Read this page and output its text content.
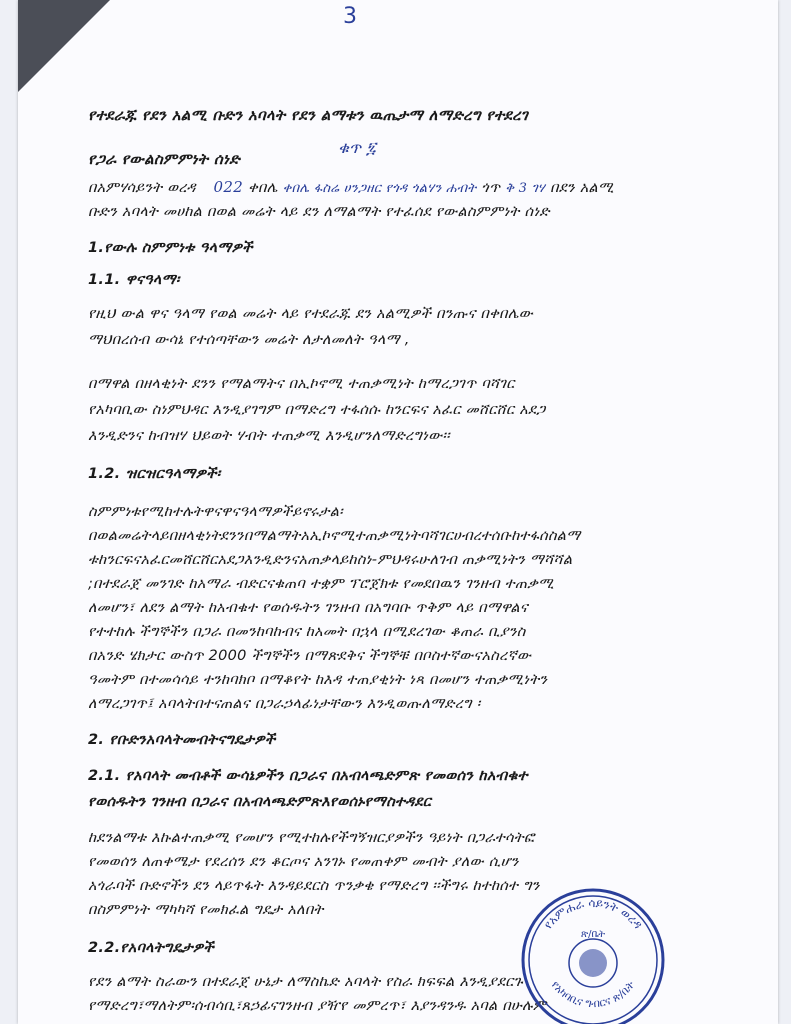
3
የተደራጁ የደን አልሚ ቡድን አባላት የደን ልማቱን ዉጤታማ ለማድረግ የተደረገ
የጋራ የውልስምምነት ሰነድ
ቁጥ ፯
በአምሃሳይንት ወረዳ 022 ቀበሌ ቀበሌ ፋስሬ ሀንጋዘር የጎዳ ጎልሃን ሐብት ጎጥ ቅ 3 ገሃ በደን አልሚ
ቡድን አባላት መሀከል በወል መሬት ላይ ደን ለማልማት የተፈሰደ የውልስምምነት ሰነድ
1.የውሉ ስምምነቱ ዓላማዎች
1.1. ዋናዓላማ፡
የዚህ ውል ዋና ዓላማ የወል መሬት ላይ የተደራጁ ደን አልሚዎች በንጡና በቀበሌው
ማህበረሰብ ውሳኔ የተሰጣቸውን መሬት ለታለመለት ዓላማ ,
በማዋል በዘላቂነት ደንን የማልማትና በኢኮኖሚ ተጠቃሚነት ከማረጋገጥ ባሻገር
የአካባቢው ስነምህዳር እንዲያገግም በማድረግ ተፋሰሱ ከንርፍና አፈር መሸርሸር አደጋ
እንዲድንና ከብዝሃ ህይወት ሃብት ተጠቃሚ እንዲሆንለማድረግነው፡፡
1.2. ዝርዝርዓላማዎች፡
ስምምነቱየሚከተሉትዋናዋናዓላማዎችይኖሩታል፡
በወልመሬትላይበዘላቂነትደንንበማልማትአኢኮኖሚተጠቃሚነትባሻገርሀብረተሰቡከተፋሰስልማ
ቱከንርፍናአፈርመሸርሸርአደጋእንዲድንናአጠቃላይከስነ-ምህዳሩሁለገብ ጠቃሚነትን ማሻሻል
;በተደራጀ መንገድ ከአማራ ብድርናቁጠባ ተቋም ፕሮጀክቱ የመደበዉን ገንዘብ ተጠቃሚ
ለመሆን፣ ለደን ልማት ከአብቁተ የወሰዱትን ገንዘብ በአግባቡ ጥቅም ላይ በማዋልና
የተተከሉ ችግኞችን በጋራ በመንከባከብና ከአመት በኋላ በሚደረገው ቆጠራ ቢያንስ
በአንድ ሄክታር ውስጥ 2000 ችግኞችን በማጽደቅና ችግኞቹ በቦስተኛውናአስረኛው
ዓመትም በተመሳሳይ ተንከባክቦ በማቆየት ከእዳ ተጠያቂነት ነጻ በመሆን ተጠቃሚነትን
ለማረጋገጥ፤ አባላትበተናጠልና በጋራኃላፊነታቸውን እንዲወጡለማድረግ ፡
2. የቡድንአባላትመብትናግዴታዎች
2.1. የአባላት መብቶች ውሳኔዎችን በጋራና በአብላጫድምጽ የመወሰን ከአብቁተ
የወሰዱትን ገንዘብ በጋራና በአብላጫድምጽእየወሰኑየማስተዳደር
ከደንልማቱ እኩልተጠቃሚ የመሆን የሚተከሉየችግኝዝርያዎችን ዓይነት በጋራተሳትፎ
የመወሰን ለጠቀሜታ የደረሰን ደን ቆርጦና አንገኑ የመጠቀም መብት ያለው ሲሆን
አጎራባች ቡድኖችን ደን ላይጥፋት እንዳይደርስ ጥንቃቄ የማድረግ ፡፡ችግሩ ከተከሰተ ግን
በስምምነት ማካካሻ የመክፈል ግዴታ አለበት
2.2.የአባላትግዴታዎች
የደን ልማት ስራውን በተደራጀ ሁኔታ ለማስኬድ አባላት የስራ ክፍፍል እንዲያደርጉ
የማድረግ፣ማለትም፡ሰብሳቢ፣ጸኃፊናገንዘብ ያዥየ መምረጥ፣ እያንዳንዱ አባል በሁሉም
የአምሐራ ሳይንት ወረዳ
የአካባቢና ግብርና ጽ/ቤት
ጽ/ቤት
